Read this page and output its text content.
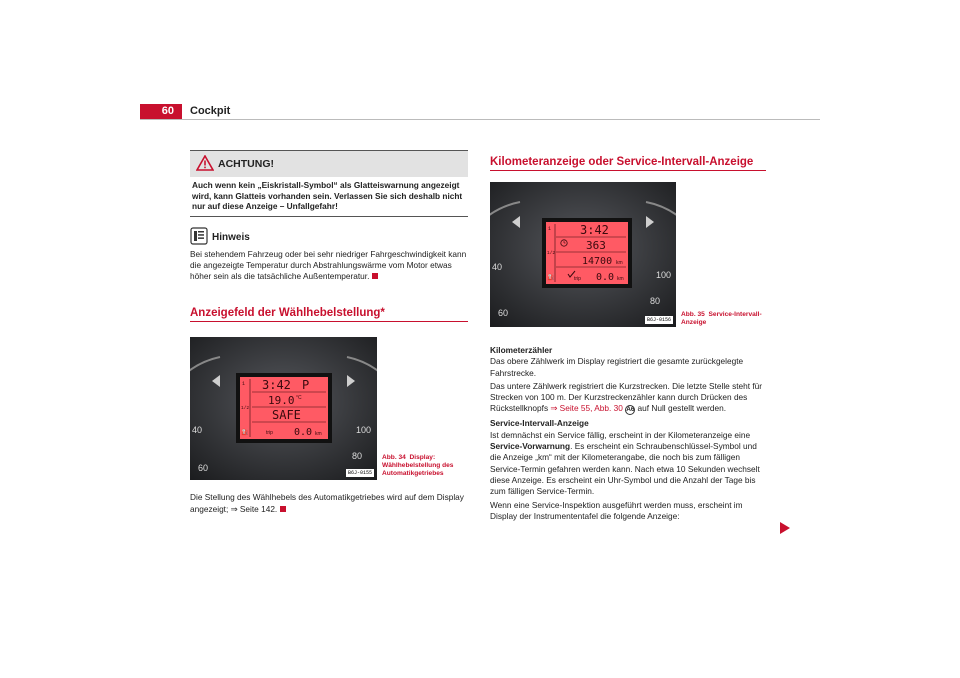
60	Cockpit
ACHTUNG!
Auch wenn kein „Eiskristall-Symbol“ als Glatteiswarnung angezeigt wird, kann Glatteis vorhanden sein. Verlassen Sie sich deshalb nicht nur auf diese Anzeige – Unfallgefahr!
Hinweis

Bei stehendem Fahrzeug oder bei sehr niedriger Fahrgeschwindigkeit kann die angezeigte Temperatur durch Abstrahlungswärme vom Motor etwas höher sein als die tatsächliche Außentemperatur.

Anzeigefeld der Wählhebelstellung*
1
1/2
3:42 P
19.0 °C
SAFE
⛽	trip 0.0 km
40
60
100
80
B6J-0155
Abb. 34 Display: Wählhebelstellung des Automatikgetriebes

Die Stellung des Wählhebels des Automatikgetriebes wird auf dem Display angezeigt; ⇒ Seite 142.

Kilometeranzeige oder Service-Intervall-Anzeige
1
1/2
3:42
363
14700 km
⛽	trip 0.0 km
40
60
100
80
B6J-0156
Abb. 35 Service-Intervall-Anzeige

Kilometerzähler

Das obere Zählwerk im Display registriert die gesamte zurückgelegte Fahrstrecke.

Das untere Zählwerk registriert die Kurzstrecken. Die letzte Stelle steht für Strecken von 100 m. Der Kurzstreckenzähler kann durch Drücken des Rückstellknopfs ⇒ Seite 55, Abb. 30 A6 auf Null gestellt werden.

Service-Intervall-Anzeige

Ist demnächst ein Service fällig, erscheint in der Kilometeranzeige eine Service-Vorwarnung. Es erscheint ein Schraubenschlüssel-Symbol und die Anzeige „km“ mit der Kilometerangabe, die noch bis zum fälligen Service-Termin gefahren werden kann. Nach etwa 10 Sekunden wechselt diese Anzeige. Es erscheint ein Uhr-Symbol und die Anzahl der Tage bis zum fälligen Service-Termin.

Wenn eine Service-Inspektion ausgeführt werden muss, erscheint im Display der Instrumententafel die folgende Anzeige:
